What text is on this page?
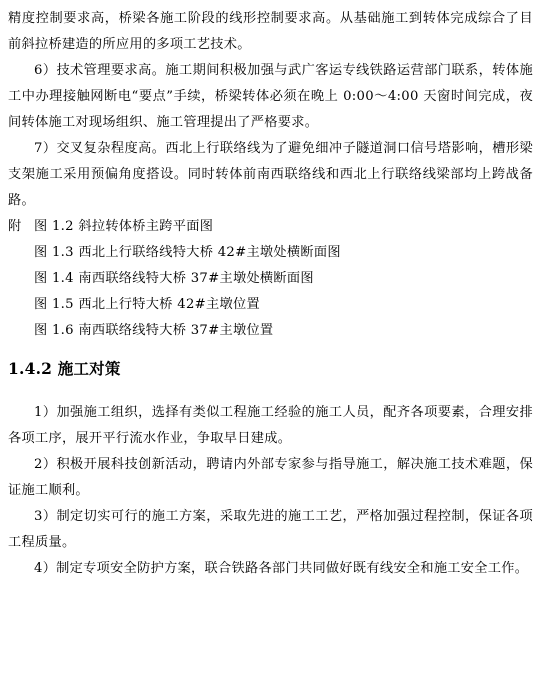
精度控制要求高，桥梁各施工阶段的线形控制要求高。从基础施工到转体完成综合了目前斜拉桥建造的所应用的多项工艺技术。

6）技术管理要求高。施工期间积极加强与武广客运专线铁路运营部门联系，转体施工中办理接触网断电“要点”手续，桥梁转体必须在晚上 0:00～4:00 天窗时间完成，夜间转体施工对现场组织、施工管理提出了严格要求。

7）交叉复杂程度高。西北上行联络线为了避免细冲子隧道洞口信号塔影响，槽形梁支架施工采用预偏角度搭设。同时转体前南西联络线和西北上行联络线梁部均上跨战备路。

附 图 1.2 斜拉转体桥主跨平面图
图 1.3 西北上行联络线特大桥 42#主墩处横断面图
图 1.4 南西联络线特大桥 37#主墩处横断面图
图 1.5 西北上行特大桥 42#主墩位置
图 1.6 南西联络线特大桥 37#主墩位置
1.4.2 施工对策

1）加强施工组织，选择有类似工程施工经验的施工人员，配齐各项要素，合理安排各项工序，展开平行流水作业，争取早日建成。

2）积极开展科技创新活动，聘请内外部专家参与指导施工，解决施工技术难题，保证施工顺利。

3）制定切实可行的施工方案，采取先进的施工工艺，严格加强过程控制，保证各项工程质量。

4）制定专项安全防护方案，联合铁路各部门共同做好既有线安全和施工安全工作。
